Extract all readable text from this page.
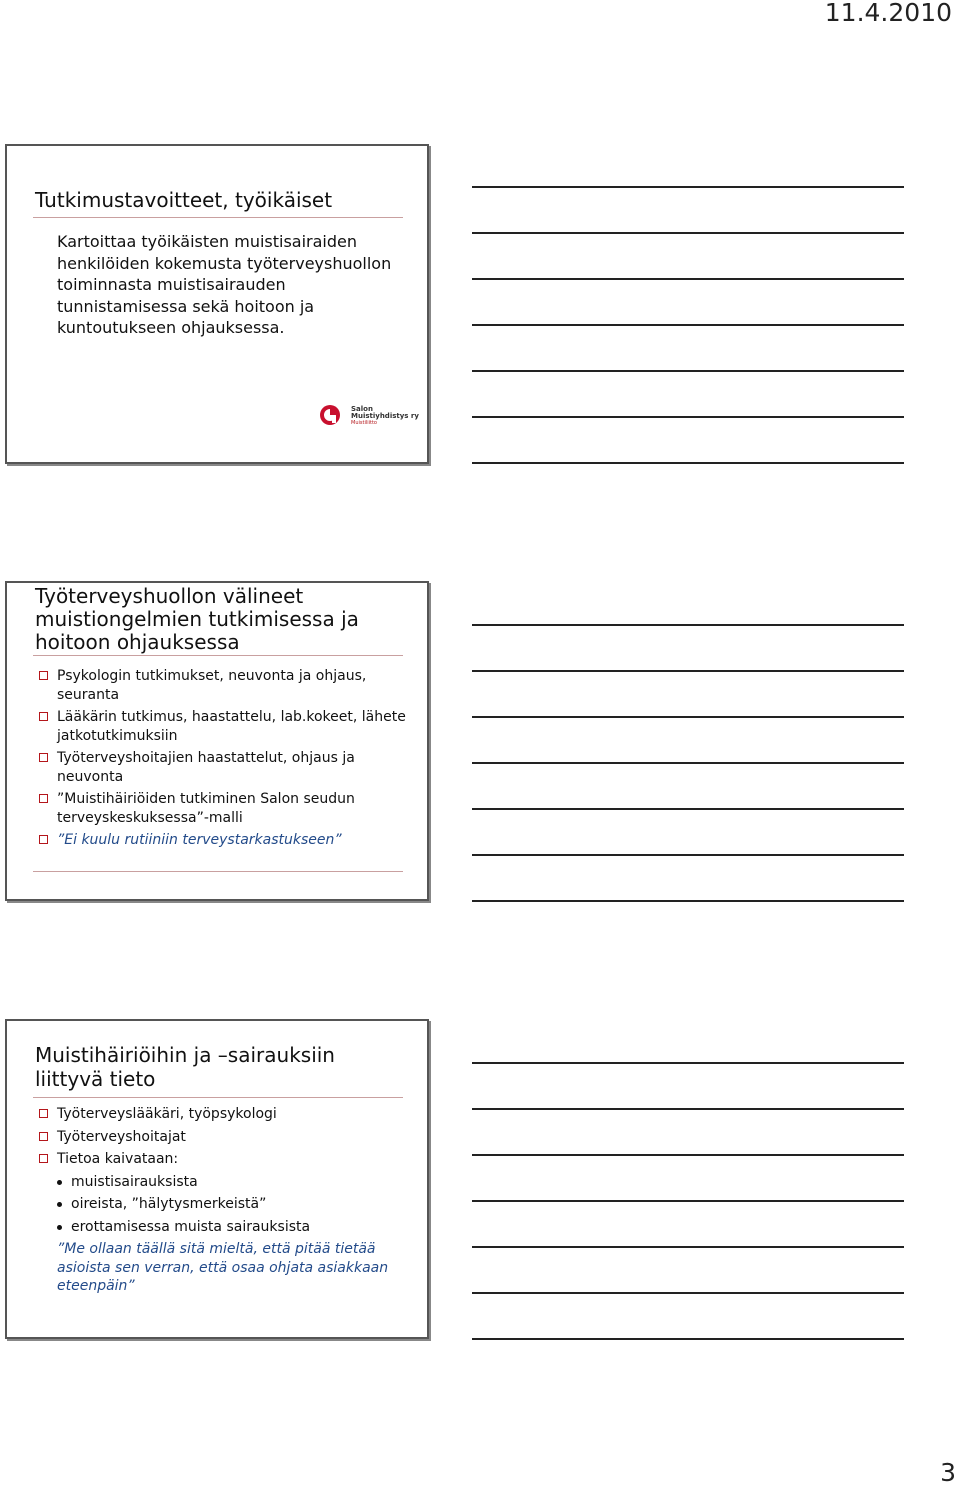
11.4.2010
Tutkimustavoitteet, työikäiset
Kartoittaa työikäisten muistisairaiden henkilöiden kokemusta työterveyshuollon toiminnasta muistisairauden tunnistamisessa sekä hoitoon ja kuntoutukseen ohjauksessa.
Salon
Muistiyhdistys ry
Muistiliitto
Työterveyshuollon välineet muistiongelmien tutkimisessa ja hoitoon ohjauksessa
Psykologin tutkimukset, neuvonta ja ohjaus, seuranta
Lääkärin tutkimus, haastattelu, lab.kokeet, lähete jatkotutkimuksiin
Työterveyshoitajien haastattelut, ohjaus ja neuvonta
”Muistihäiriöiden tutkiminen Salon seudun terveyskeskuksessa”-malli
”Ei kuulu rutiiniin terveystarkastukseen”
Muistihäiriöihin ja –sairauksiin liittyvä tieto
Työterveyslääkäri, työpsykologi
Työterveyshoitajat
Tietoa kaivataan:
muistisairauksista
oireista, ”hälytysmerkeistä”
erottamisessa muista sairauksista
”Me ollaan täällä sitä mieltä, että pitää tietää asioista sen verran, että osaa ohjata asiakkaan eteenpäin”
3
